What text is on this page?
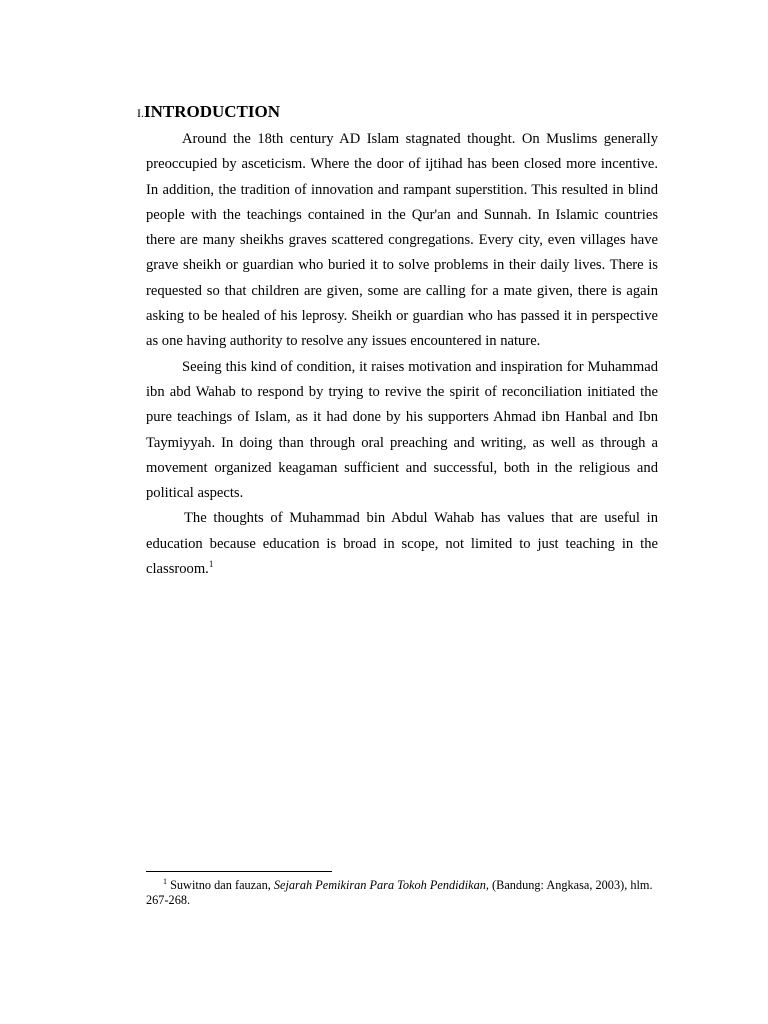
I.INTRODUCTION

Around the 18th century AD Islam stagnated thought. On Muslims generally preoccupied by asceticism. Where the door of ijtihad has been closed more incentive. In addition, the tradition of innovation and rampant superstition. This resulted in blind people with the teachings contained in the Qur'an and Sunnah. In Islamic countries there are many sheikhs graves scattered congregations. Every city, even villages have grave sheikh or guardian who buried it to solve problems in their daily lives. There is requested so that children are given, some are calling for a mate given, there is again asking to be healed of his leprosy. Sheikh or guardian who has passed it in perspective as one having authority to resolve any issues encountered in nature.

Seeing this kind of condition, it raises motivation and inspiration for Muhammad ibn abd Wahab to respond by trying to revive the spirit of reconciliation initiated the pure teachings of Islam, as it had done by his supporters Ahmad ibn Hanbal and Ibn Taymiyyah. In doing than through oral preaching and writing, as well as through a movement organized keagaman sufficient and successful, both in the religious and political aspects.

The thoughts of Muhammad bin Abdul Wahab has values that are useful in education because education is broad in scope, not limited to just teaching in the classroom.$^1$

$^1$ Suwitno dan fauzan, Sejarah Pemikiran Para Tokoh Pendidikan, (Bandung: Angkasa, 2003), hlm. 267-268.
